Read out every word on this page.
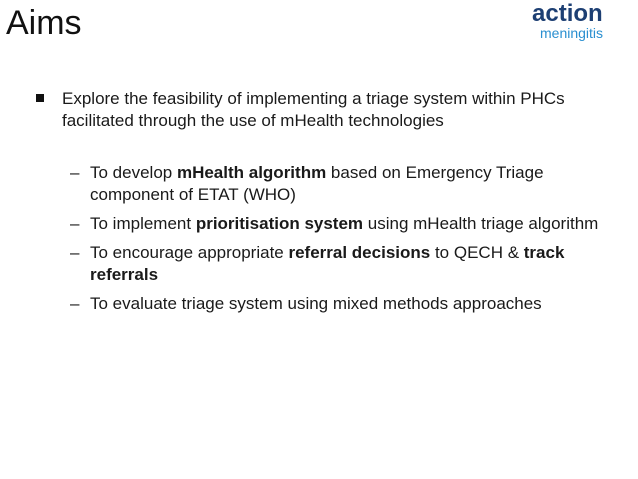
Aims	action
meningitis
Explore the feasibility of implementing a triage system within PHCs facilitated through the use of mHealth technologies
– To develop mHealth algorithm based on Emergency Triage component of ETAT (WHO)
– To implement prioritisation system using mHealth triage algorithm
– To encourage appropriate referral decisions to QECH & track referrals
– To evaluate triage system using mixed methods approaches
